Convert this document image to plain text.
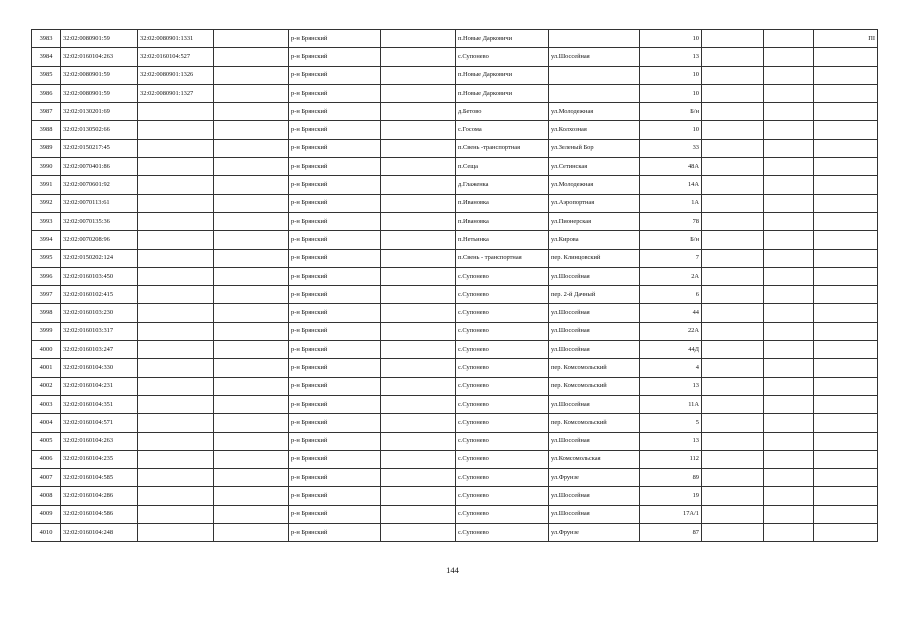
3983	32:02:0080901:59	32:02:0080901:1331		р-н Брянский		п.Новые Дарковичи		10			ПI
3984	32:02:0160104:263	32:02:0160104:527		р-н Брянский		с.Супонево	ул.Шоссейная	13			
3985	32:02:0080901:59	32:02:0080901:1326		р-н Брянский		п.Новые Дарковичи		10			
3986	32:02:0080901:59	32:02:0080901:1327		р-н Брянский		п.Новые Дарковичи		10			
3987	32:02:0130201:69			р-н Брянский		д.Бетово	ул.Молодежная	Б/н			
3988	32:02:0130502:66			р-н Брянский		с.Госома	ул.Колхозная	10			
3989	32:02:0150217:45			р-н Брянский		п.Свень -транспортная	ул.Зеленый Бор	33			
3990	32:02:0070401:86			р-н Брянский		п.Сеща	ул.Сетинская	48А			
3991	32:02:0070601:92			р-н Брянский		д.Глаженка	ул.Молодежная	14А			
3992	32:02:0070113:61			р-н Брянский		п.Ивановка	ул.Аэропортная	1А			
3993	32:02:0070135:36			р-н Брянский		п.Ивановка	ул.Пионерская	78			
3994	32:02:0070208:96			р-н Брянский		п.Нетьинка	ул.Кирова	Б/н			
3995	32:02:0150202:124			р-н Брянский		п.Свень - транспортная	пер. Клинцовский	7			
3996	32:02:0160103:450			р-н Брянский		с.Супонево	ул.Шоссейная	2А			
3997	32:02:0160102:415			р-н Брянский		с.Супонево	пер. 2-й Дачный	6			
3998	32:02:0160103:230			р-н Брянский		с.Супонево	ул.Шоссейная	44			
3999	32:02:0160103:317			р-н Брянский		с.Супонево	ул.Шоссейная	22А			
4000	32:02:0160103:247			р-н Брянский		с.Супонево	ул.Шоссейная	44Д			
4001	32:02:0160104:330			р-н Брянский		с.Супонево	пер. Комсомольский	4			
4002	32:02:0160104:231			р-н Брянский		с.Супонево	пер. Комсомольский	13			
4003	32:02:0160104:351			р-н Брянский		с.Супонево	ул.Шоссейная	11А			
4004	32:02:0160104:571			р-н Брянский		с.Супонево	пер. Комсомольский	5			
4005	32:02:0160104:263			р-н Брянский		с.Супонево	ул.Шоссейная	13			
4006	32:02:0160104:235			р-н Брянский		с.Супонево	ул.Комсомольская	112			
4007	32:02:0160104:585			р-н Брянский		с.Супонево	ул.Фрунзе	89			
4008	32:02:0160104:286			р-н Брянский		с.Супонево	ул.Шоссейная	19			
4009	32:02:0160104:586			р-н Брянский		с.Супонево	ул.Шоссейная	17А/1			
4010	32:02:0160104:248			р-н Брянский		с.Супонево	ул.Фрунзе	87			
144
